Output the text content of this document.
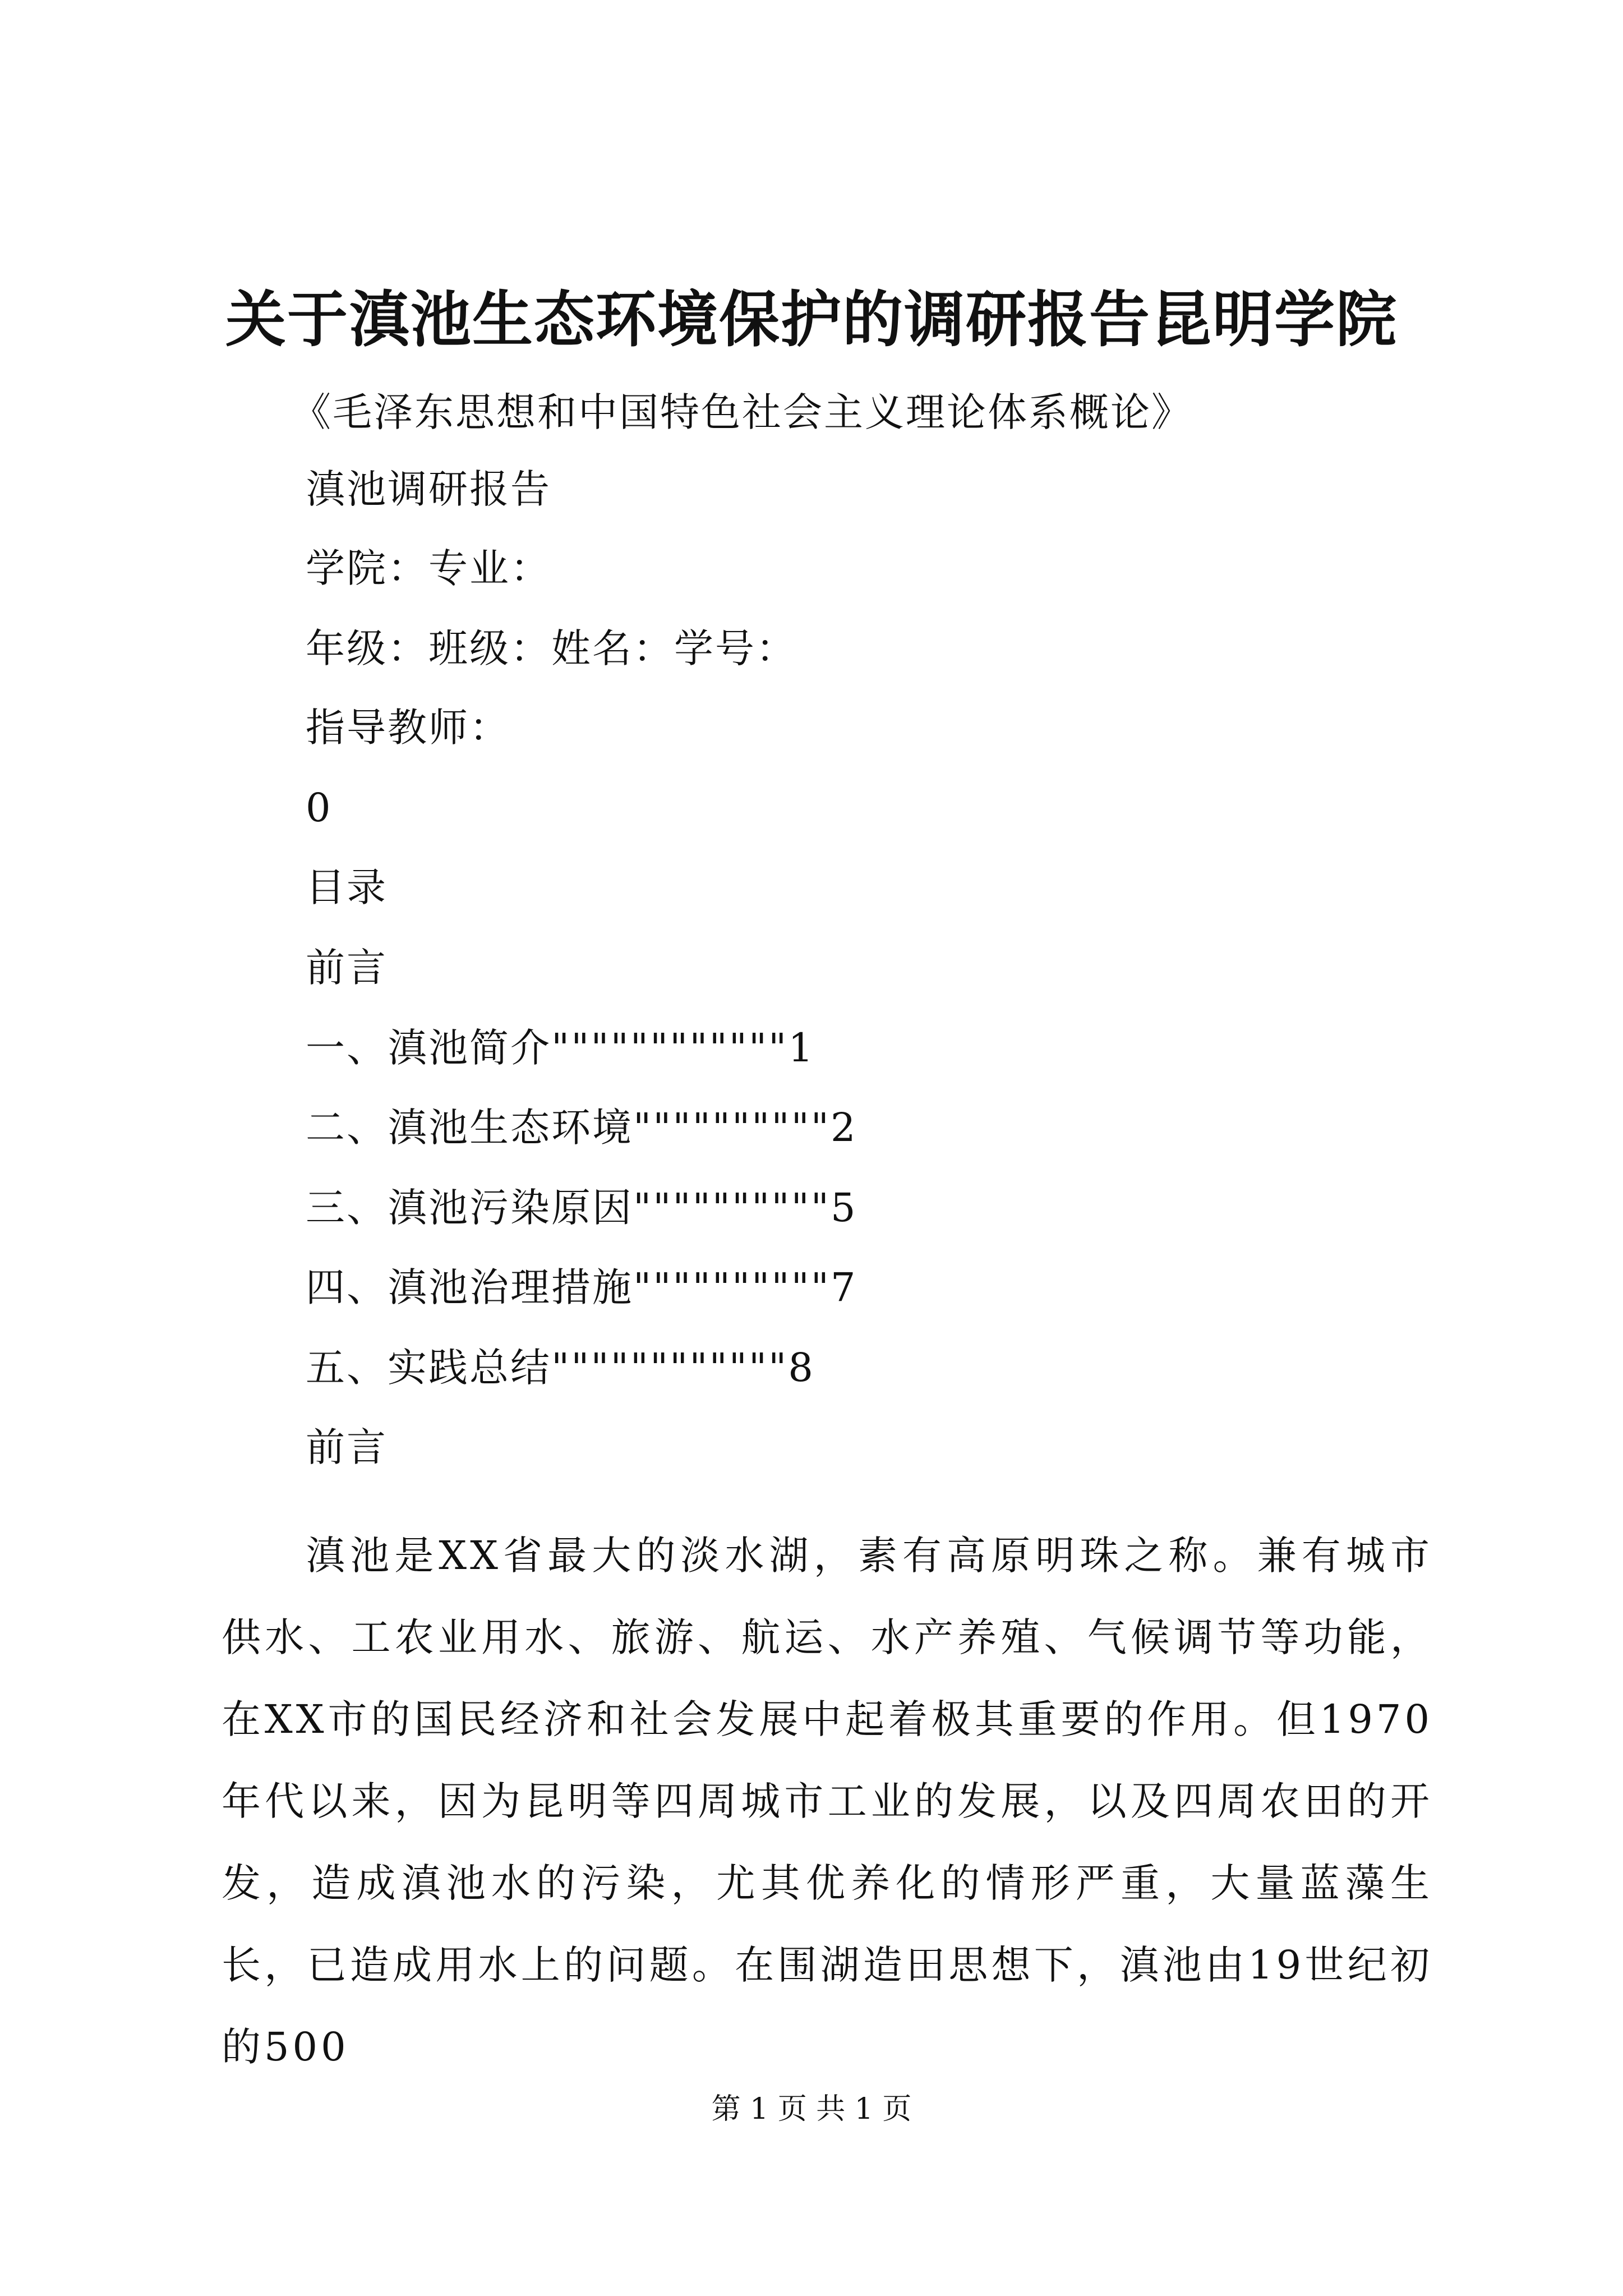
关于滇池生态环境保护的调研报告昆明学院
《毛泽东思想和中国特色社会主义理论体系概论》
滇池调研报告
学院：专业：
年级：班级：姓名：学号：
指导教师：
0
目录
前言
一、滇池简介""""""""""""1
二、滇池生态环境""""""""""2
三、滇池污染原因""""""""""5
四、滇池治理措施""""""""""7
五、实践总结""""""""""""8
前言
滇池是XX省最大的淡水湖，素有高原明珠之称。兼有城市供水、工农业用水、旅游、航运、水产养殖、气候调节等功能，在XX市的国民经济和社会发展中起着极其重要的作用。但1970年代以来，因为昆明等四周城市工业的发展，以及四周农田的开发，造成滇池水的污染，尤其优养化的情形严重，大量蓝藻生长，已造成用水上的问题。在围湖造田思想下，滇池由19世纪初的500
第 1 页 共 1 页
